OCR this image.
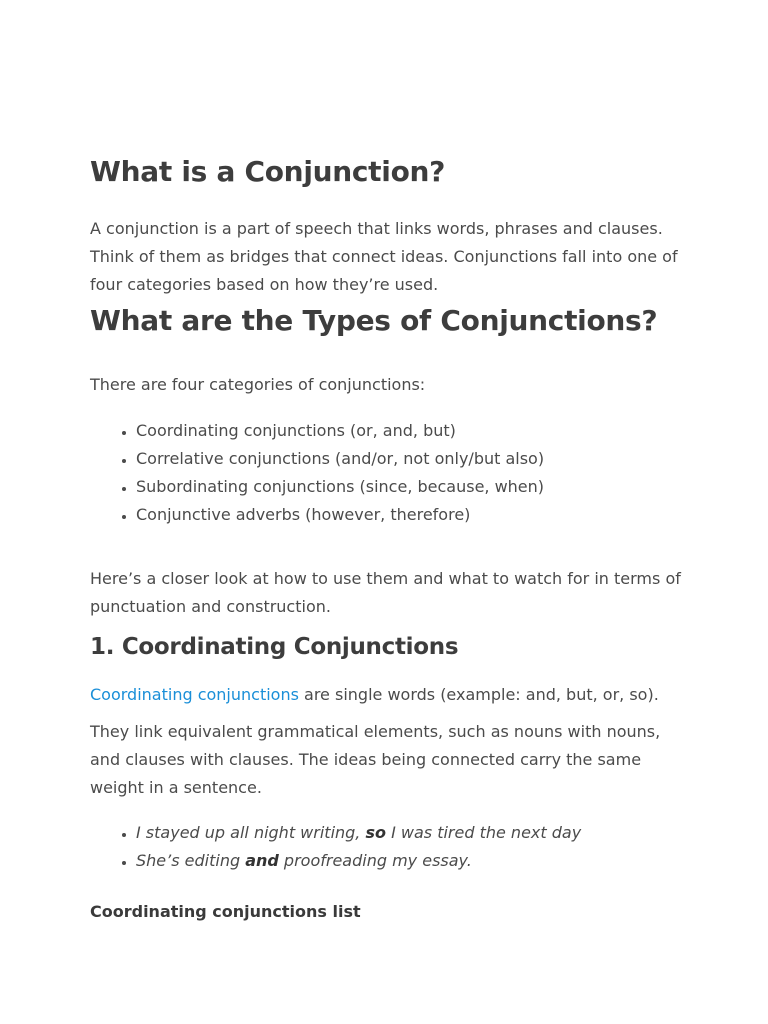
What is a Conjunction?

A conjunction is a part of speech that links words, phrases and clauses. Think of them as bridges that connect ideas. Conjunctions fall into one of four categories based on how they’re used.

What are the Types of Conjunctions?

There are four categories of conjunctions:

• Coordinating conjunctions (or, and, but)
• Correlative conjunctions (and/or, not only/but also)
• Subordinating conjunctions (since, because, when)
• Conjunctive adverbs (however, therefore)

Here’s a closer look at how to use them and what to watch for in terms of punctuation and construction.

1. Coordinating Conjunctions

Coordinating conjunctions are single words (example: and, but, or, so).

They link equivalent grammatical elements, such as nouns with nouns, and clauses with clauses. The ideas being connected carry the same weight in a sentence.

• I stayed up all night writing, so I was tired the next day
• She’s editing and proofreading my essay.

Coordinating conjunctions list
